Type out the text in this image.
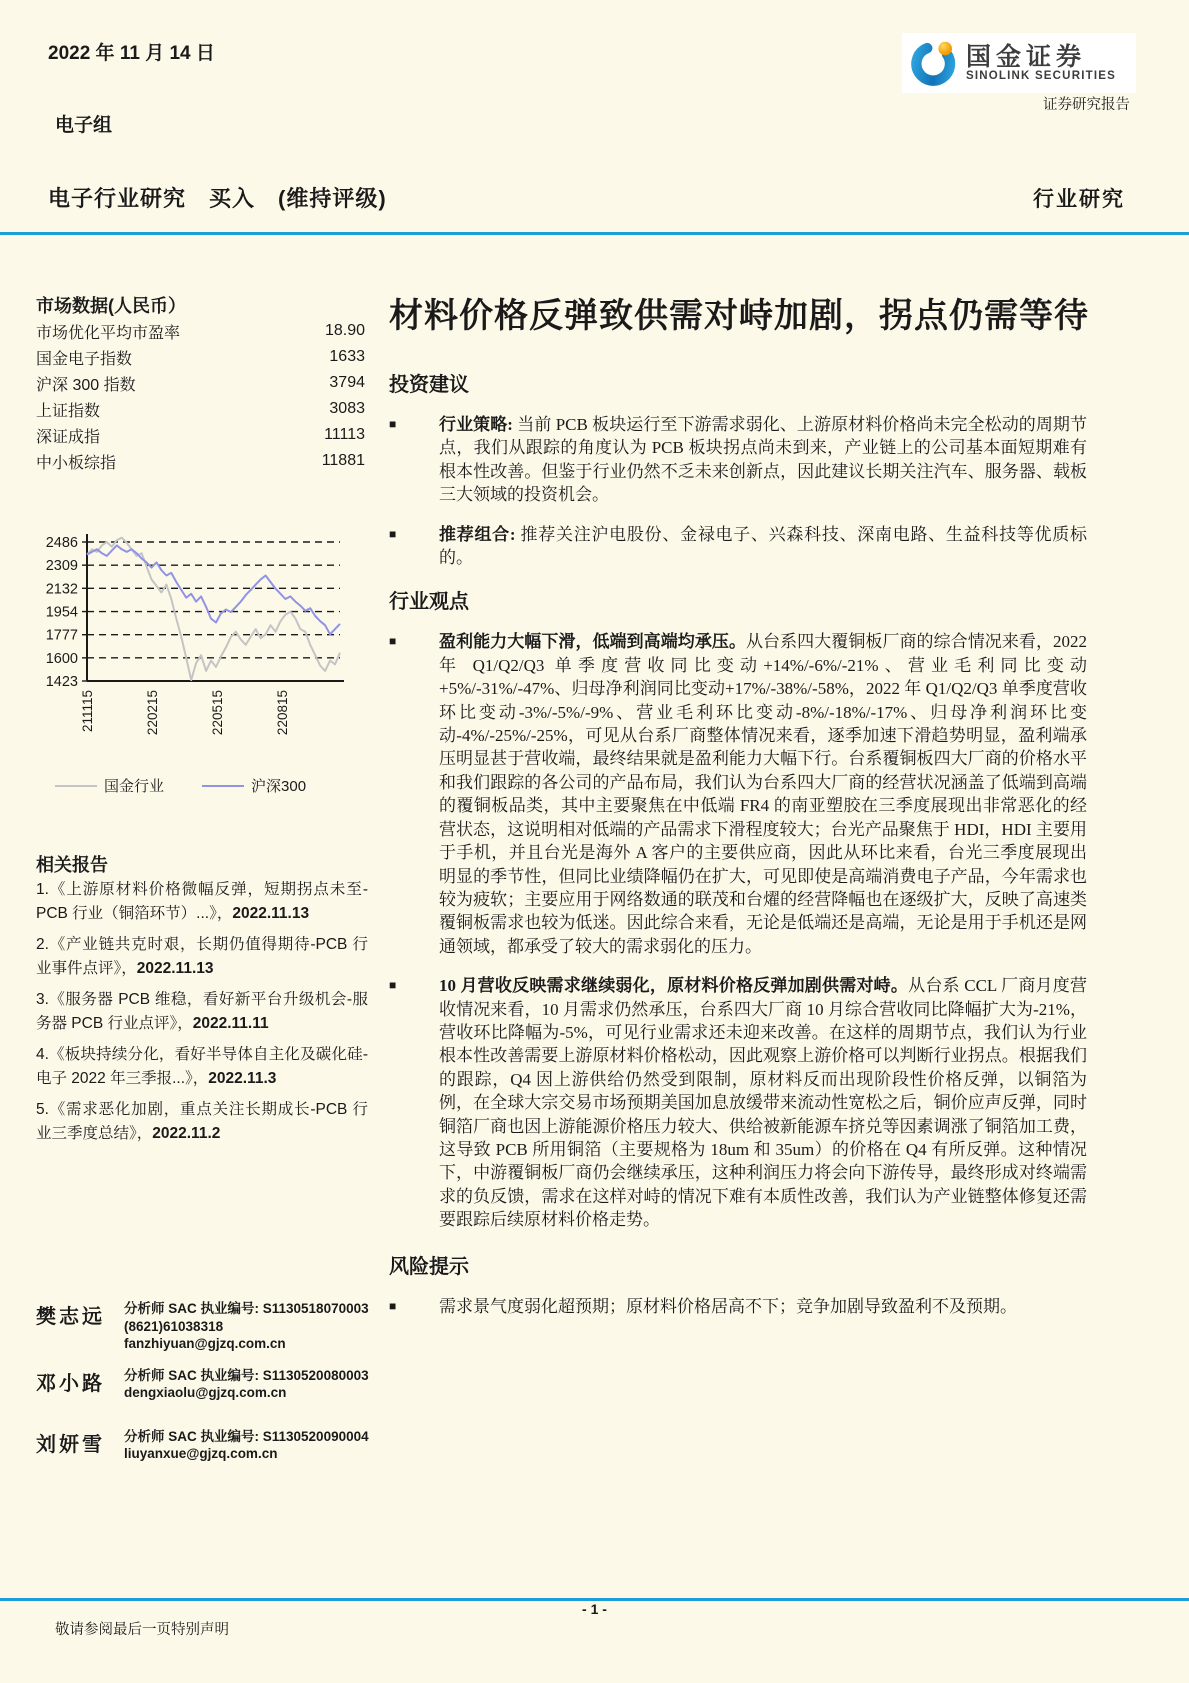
2022 年 11 月 14 日	国金证券
SINOLINK SECURITIES
证券研究报告
电子组
电子行业研究　买入　(维持评级)	行业研究
市场数据(人民币）
市场优化平均市盈率	18.90
国金电子指数	1633
沪深 300 指数	3794
上证指数	3083
深证成指	11113
中小板综指	11881
2486
2309
2132
1954
1777
1600
1423
211115	220215	220515	220815
国金行业	沪深300
相关报告
1.《上游原材料价格微幅反弹，短期拐点未至-PCB 行业（铜箔环节）...》，2022.11.13
2.《产业链共克时艰，长期仍值得期待-PCB 行业事件点评》，2022.11.13
3.《服务器 PCB 维稳，看好新平台升级机会-服务器 PCB 行业点评》，2022.11.11
4.《板块持续分化，看好半导体自主化及碳化硅-电子 2022 年三季报...》，2022.11.3
5.《需求恶化加剧，重点关注长期成长-PCB 行业三季度总结》，2022.11.2
樊志远	分析师 SAC 执业编号: S1130518070003
(8621)61038318
fanzhiyuan@gjzq.com.cn
邓小路	分析师 SAC 执业编号: S1130520080003
dengxiaolu@gjzq.com.cn
刘妍雪	分析师 SAC 执业编号: S1130520090004
liuyanxue@gjzq.com.cn
材料价格反弹致供需对峙加剧，拐点仍需等待
投资建议
■	行业策略: 当前 PCB 板块运行至下游需求弱化、上游原材料价格尚未完全松动的周期节点，我们从跟踪的角度认为 PCB 板块拐点尚未到来，产业链上的公司基本面短期难有根本性改善。但鉴于行业仍然不乏未来创新点，因此建议长期关注汽车、服务器、载板三大领域的投资机会。
■	推荐组合: 推荐关注沪电股份、金禄电子、兴森科技、深南电路、生益科技等优质标的。
行业观点
■	盈利能力大幅下滑，低端到高端均承压。从台系四大覆铜板厂商的综合情况来看，2022 年 Q1/Q2/Q3 单季度营收同比变动+14%/-6%/-21%、营业毛利同比变动+5%/-31%/-47%、归母净利润同比变动+17%/-38%/-58%，2022 年 Q1/Q2/Q3 单季度营收环比变动-3%/-5%/-9%、营业毛利环比变动-8%/-18%/-17%、归母净利润环比变动-4%/-25%/-25%，可见从台系厂商整体情况来看，逐季加速下滑趋势明显，盈利端承压明显甚于营收端，最终结果就是盈利能力大幅下行。台系覆铜板四大厂商的价格水平和我们跟踪的各公司的产品布局，我们认为台系四大厂商的经营状况涵盖了低端到高端的覆铜板品类，其中主要聚焦在中低端 FR4 的南亚塑胶在三季度展现出非常恶化的经营状态，这说明相对低端的产品需求下滑程度较大；台光产品聚焦于 HDI，HDI 主要用于手机，并且台光是海外 A 客户的主要供应商，因此从环比来看，台光三季度展现出明显的季节性，但同比业绩降幅仍在扩大，可见即使是高端消费电子产品，今年需求也较为疲软；主要应用于网络数通的联茂和台燿的经营降幅也在逐级扩大，反映了高速类覆铜板需求也较为低迷。因此综合来看，无论是低端还是高端，无论是用于手机还是网通领域，都承受了较大的需求弱化的压力。
■	10 月营收反映需求继续弱化，原材料价格反弹加剧供需对峙。从台系 CCL 厂商月度营收情况来看，10 月需求仍然承压，台系四大厂商 10 月综合营收同比降幅扩大为-21%，营收环比降幅为-5%，可见行业需求还未迎来改善。在这样的周期节点，我们认为行业根本性改善需要上游原材料价格松动，因此观察上游价格可以判断行业拐点。根据我们的跟踪，Q4 因上游供给仍然受到限制，原材料反而出现阶段性价格反弹，以铜箔为例，在全球大宗交易市场预期美国加息放缓带来流动性宽松之后，铜价应声反弹，同时铜箔厂商也因上游能源价格压力较大、供给被新能源车挤兑等因素调涨了铜箔加工费，这导致 PCB 所用铜箔（主要规格为 18um 和 35um）的价格在 Q4 有所反弹。这种情况下，中游覆铜板厂商仍会继续承压，这种利润压力将会向下游传导，最终形成对终端需求的负反馈，需求在这样对峙的情况下难有本质性改善，我们认为产业链整体修复还需要跟踪后续原材料价格走势。
风险提示
■	需求景气度弱化超预期；原材料价格居高不下；竞争加剧导致盈利不及预期。
- 1 -
敬请参阅最后一页特别声明
